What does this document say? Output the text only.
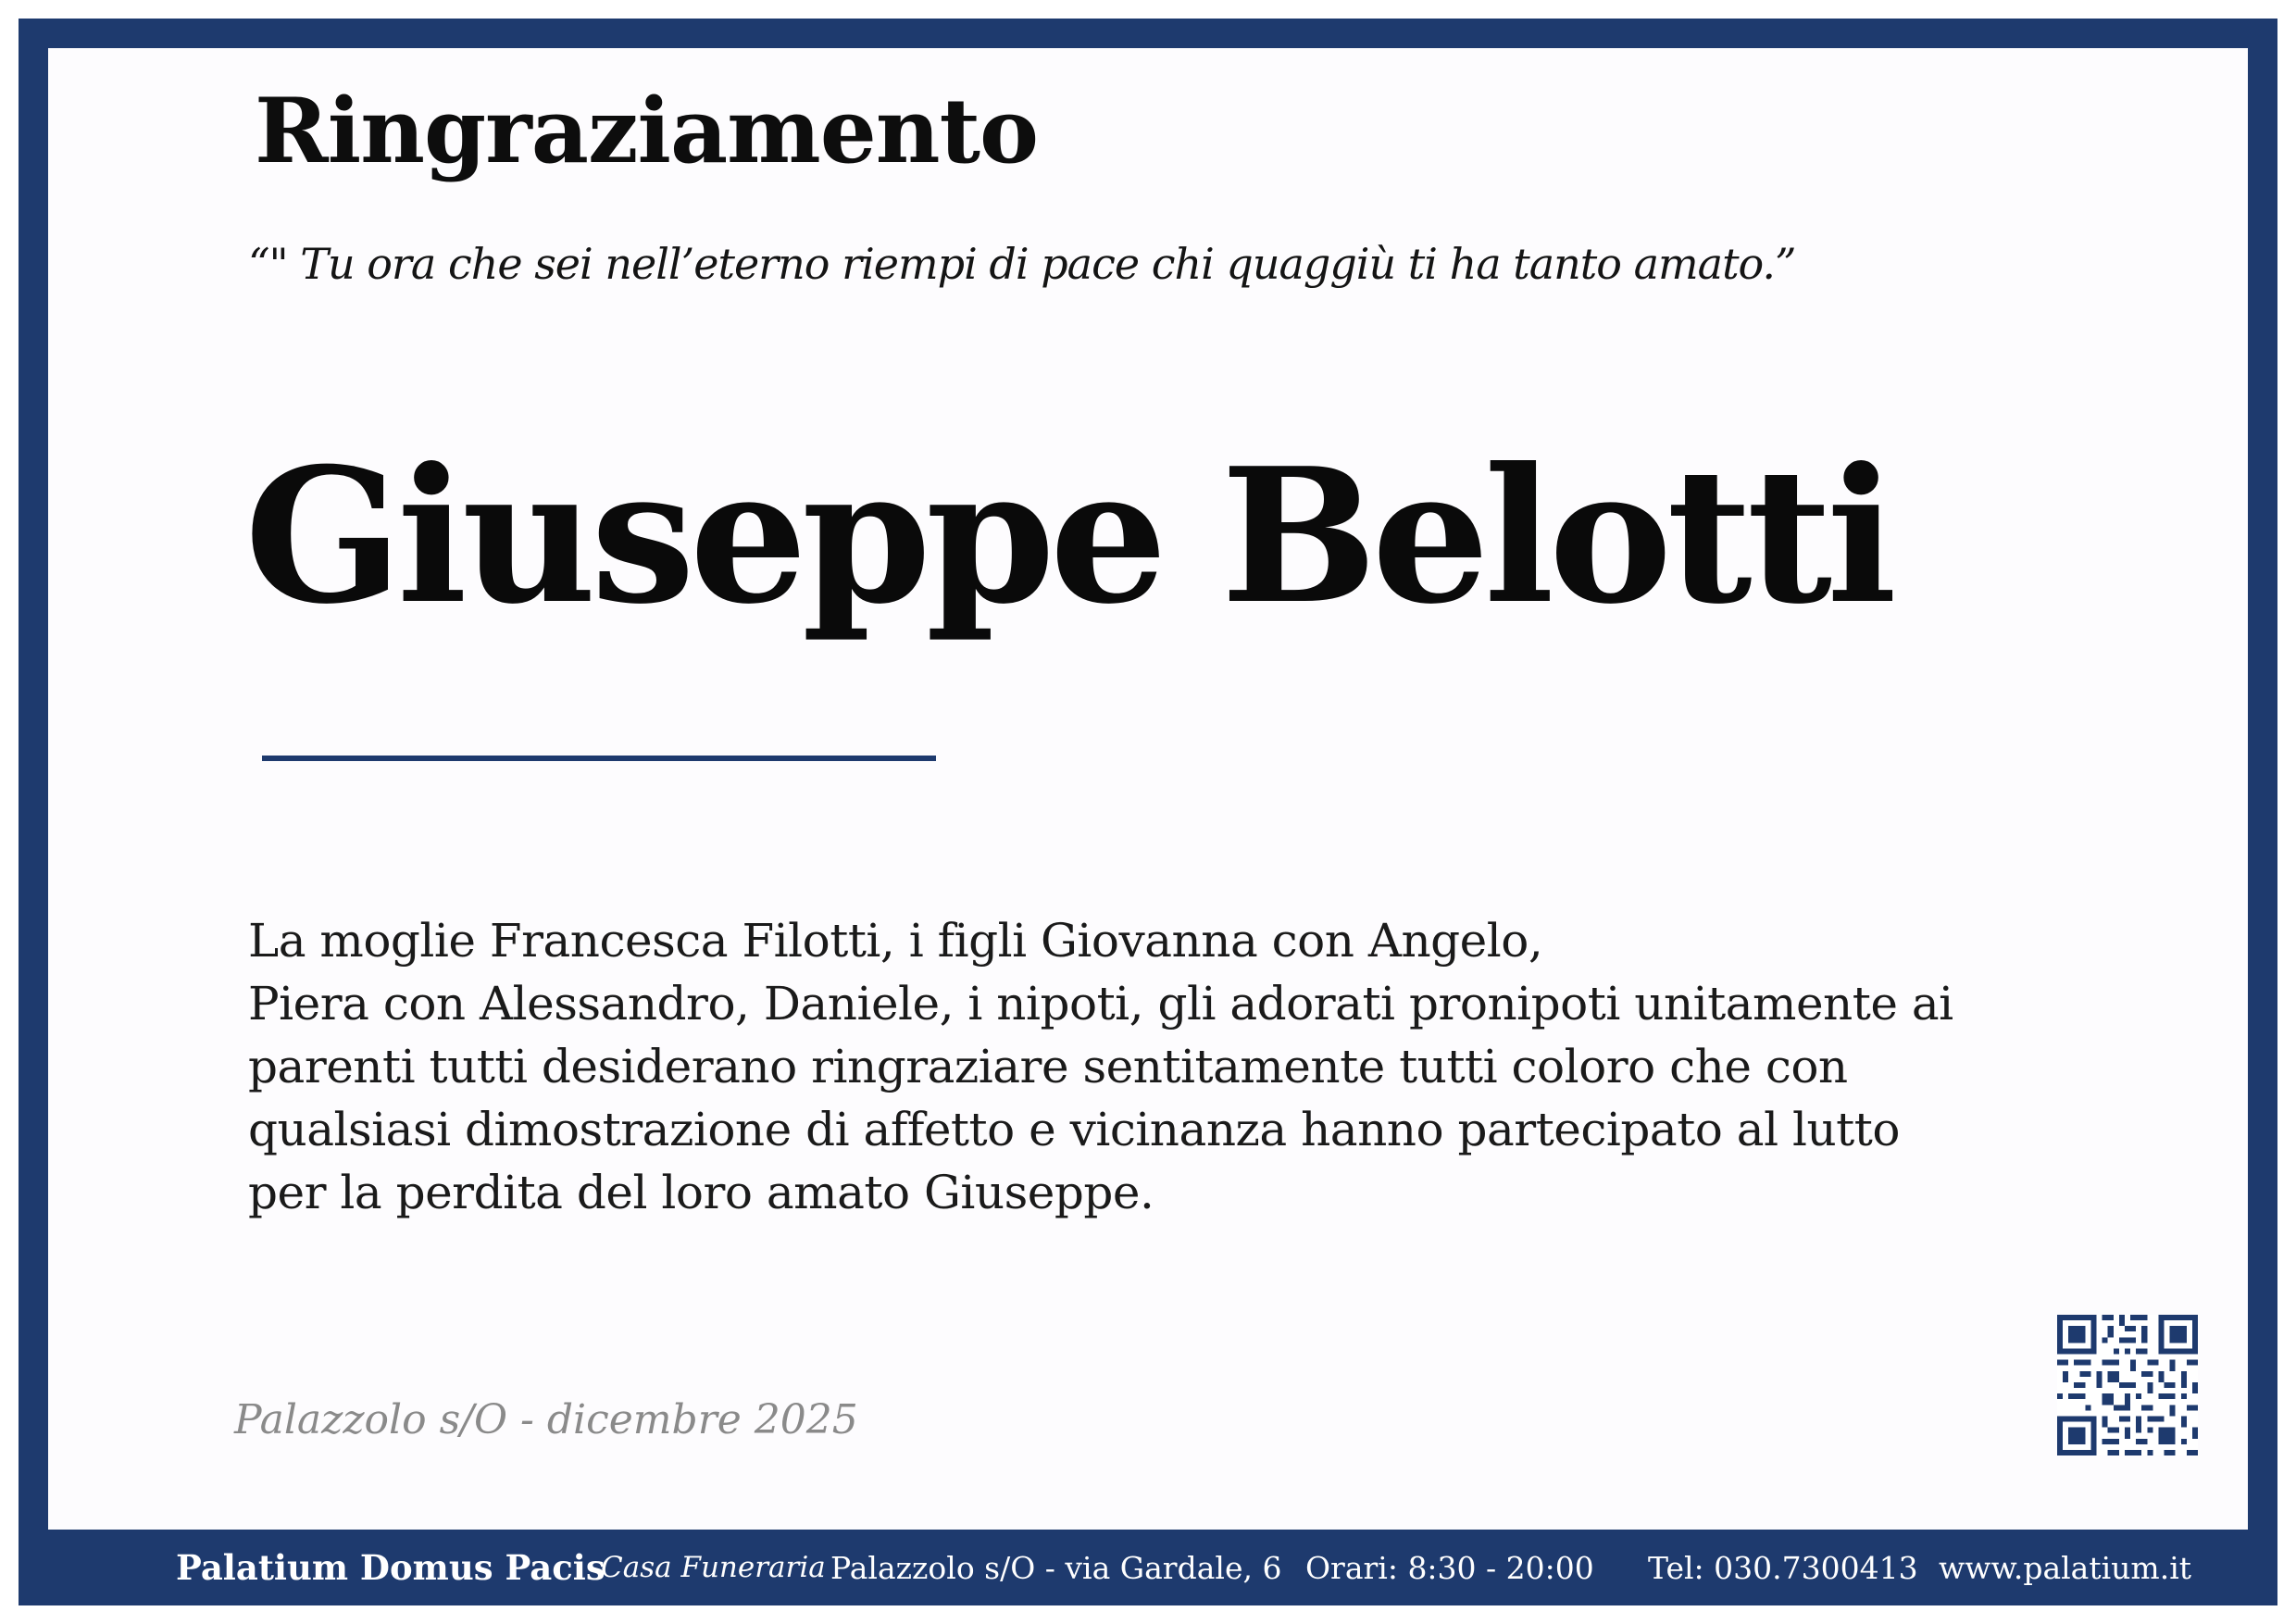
Palatium Domus Pacis
Casa Funeraria Palazzolo s/O - via Gardale, 6 Orari: 8:30 - 20:00 Tel: 030.7300413 www.palatium.it
Ringraziamento

“" Tu ora che sei nell’eterno riempi di pace chi quaggiù ti ha tanto amato.”

Giuseppe Belotti

La moglie Francesca Filotti, i figli Giovanna con Angelo,
Piera con Alessandro, Daniele, i nipoti, gli adorati pronipoti unitamente ai
parenti tutti desiderano ringraziare sentitamente tutti coloro che con
qualsiasi dimostrazione di affetto e vicinanza hanno partecipato al lutto
per la perdita del loro amato Giuseppe.

Palazzolo s/O - dicembre 2025
